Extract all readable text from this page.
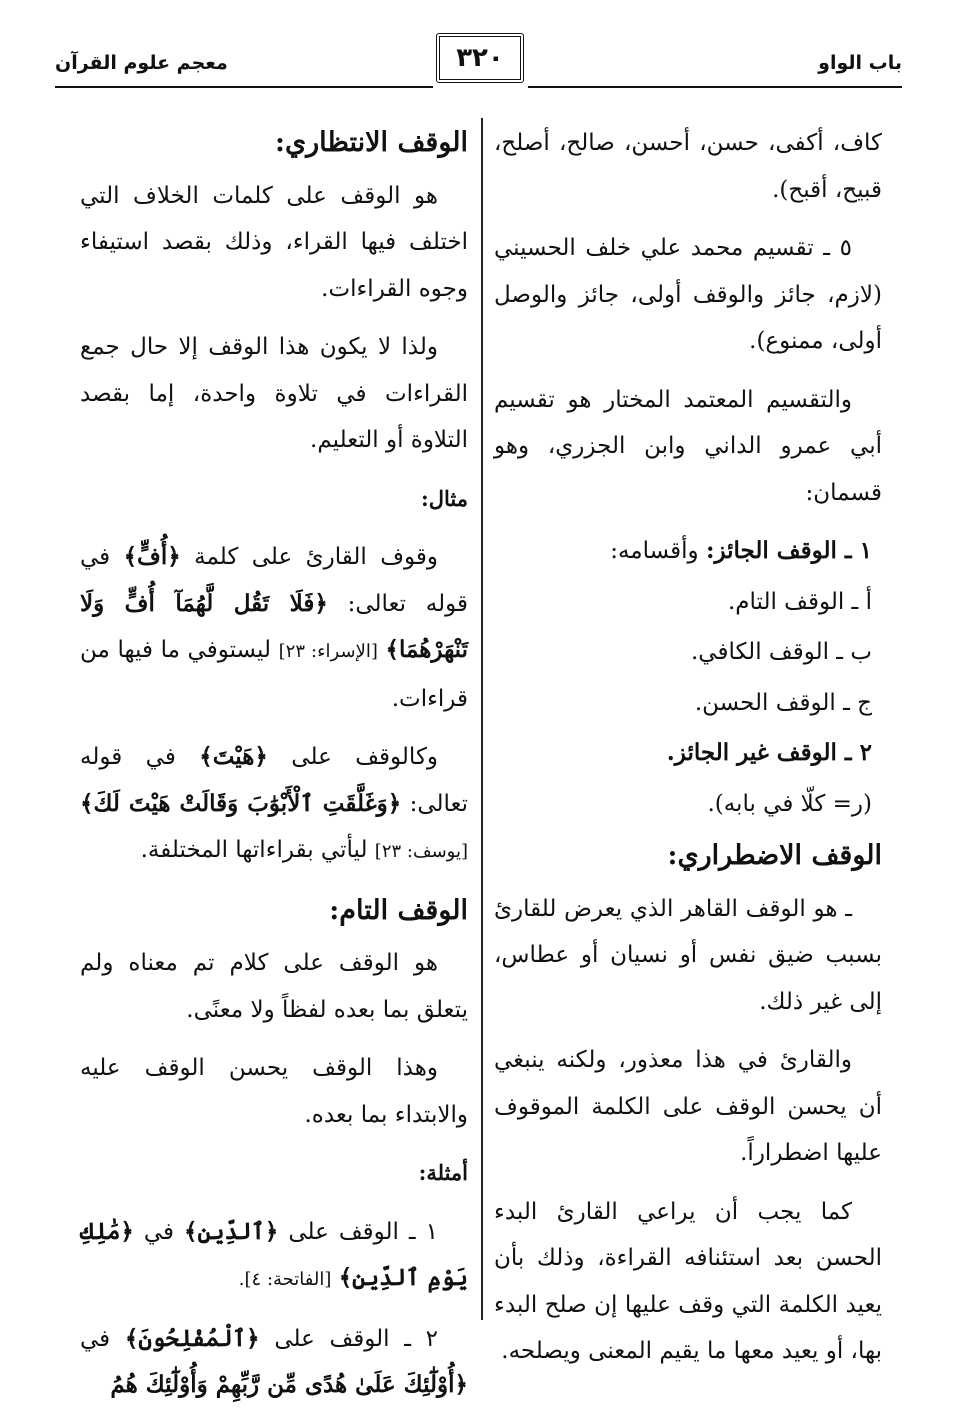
معجم علوم القرآن	٣٢٠	باب الواو

كاف، أكفى، حسن، أحسن، صالح، أصلح، قبيح، أقبح).

٥ ـ تقسيم محمد علي خلف الحسيني (لازم، جائز والوقف أولى، جائز والوصل أولى، ممنوع).

والتقسيم المعتمد المختار هو تقسيم أبي عمرو الداني وابن الجزري، وهو قسمان:

١ ـ الوقف الجائز: وأقسامه:

أ ـ الوقف التام.

ب ـ الوقف الكافي.

ج ـ الوقف الحسن.

٢ ـ الوقف غير الجائز.

(ر= كلّا في بابه).

الوقف الاضطراري:

ـ هو الوقف القاهر الذي يعرض للقارئ بسبب ضيق نفس أو نسيان أو عطاس، إلى غير ذلك.

والقارئ في هذا معذور، ولكنه ينبغي أن يحسن الوقف على الكلمة الموقوف عليها اضطراراً.

كما يجب أن يراعي القارئ البدء الحسن بعد استئنافه القراءة، وذلك بأن يعيد الكلمة التي وقف عليها إن صلح البدء بها، أو يعيد معها ما يقيم المعنى ويصلحه.

الوقف الانتظاري:

هو الوقف على كلمات الخلاف التي اختلف فيها القراء، وذلك بقصد استيفاء وجوه القراءات.

ولذا لا يكون هذا الوقف إلا حال جمع القراءات في تلاوة واحدة، إما بقصد التلاوة أو التعليم.

مثال:

وقوف القارئ على كلمة ﴿أُفٍّ﴾ في قوله تعالى: ﴿فَلَا تَقُل لَّهُمَآ أُفٍّ وَلَا تَنْهَرْهُمَا﴾ [الإسراء: ٢٣] ليستوفي ما فيها من قراءات.

وكالوقف على ﴿هَيْتَ﴾ في قوله تعالى: ﴿وَغَلَّقَتِ ٱلْأَبْوَٰبَ وَقَالَتْ هَيْتَ لَكَ﴾ [يوسف: ٢٣] ليأتي بقراءاتها المختلفة.

الوقف التام:

هو الوقف على كلام تم معناه ولم يتعلق بما بعده لفظاً ولا معنًى.

وهذا الوقف يحسن الوقف عليه والابتداء بما بعده.

أمثلة:

١ ـ الوقف على ﴿ٱلدِّينِ﴾ في ﴿مَٰلِكِ يَوْمِ ٱلدِّينِ﴾ [الفاتحة: ٤].

٢ ـ الوقف على ﴿ٱلْمُفْلِحُونَ﴾ في ﴿أُوْلَٰٓئِكَ عَلَىٰ هُدًى مِّن رَّبِّهِمْ وَأُوْلَٰٓئِكَ هُمُ
